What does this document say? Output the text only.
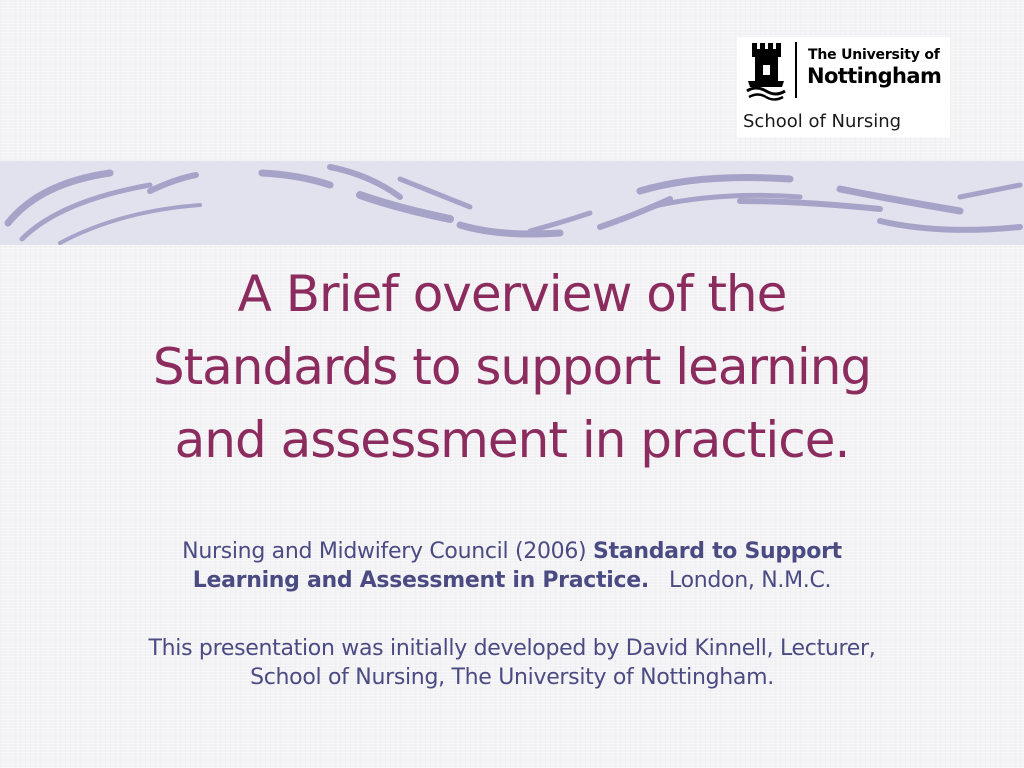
The University of
Nottingham
School of Nursing
A Brief overview of the
Standards to support learning
and assessment in practice.
Nursing and Midwifery Council (2006) Standard to Support
Learning and Assessment in Practice. London, N.M.C.
This presentation was initially developed by David Kinnell, Lecturer,
School of Nursing, The University of Nottingham.
